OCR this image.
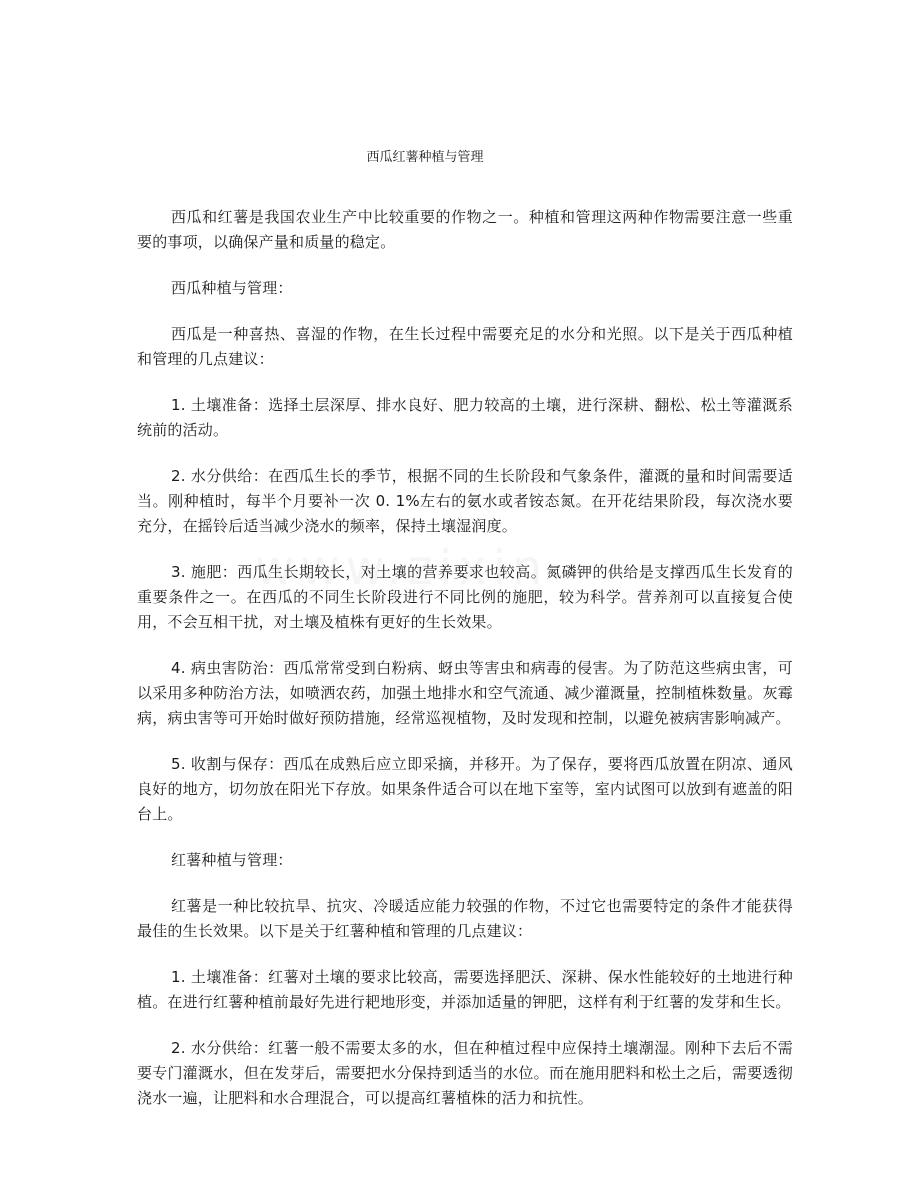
西瓜红薯种植与管理

西瓜和红薯是我国农业生产中比较重要的作物之一。种植和管理这两种作物需要注意一些重要的事项，以确保产量和质量的稳定。

西瓜种植与管理：

西瓜是一种喜热、喜湿的作物，在生长过程中需要充足的水分和光照。以下是关于西瓜种植和管理的几点建议：

1. 土壤准备：选择土层深厚、排水良好、肥力较高的土壤，进行深耕、翻松、松土等灌溉系统前的活动。

2. 水分供给：在西瓜生长的季节，根据不同的生长阶段和气象条件，灌溉的量和时间需要适当。刚种植时，每半个月要补一次 0. 1%左右的氨水或者铵态氮。在开花结果阶段，每次浇水要充分，在摇铃后适当减少浇水的频率，保持土壤湿润度。

3. 施肥：西瓜生长期较长，对土壤的营养要求也较高。氮磷钾的供给是支撑西瓜生长发育的重要条件之一。在西瓜的不同生长阶段进行不同比例的施肥，较为科学。营养剂可以直接复合使用，不会互相干扰，对土壤及植株有更好的生长效果。

4. 病虫害防治：西瓜常常受到白粉病、蚜虫等害虫和病毒的侵害。为了防范这些病虫害，可以采用多种防治方法，如喷洒农药，加强土地排水和空气流通、减少灌溉量，控制植株数量。灰霉病，病虫害等可开始时做好预防措施，经常巡视植物，及时发现和控制，以避免被病害影响减产。

5. 收割与保存：西瓜在成熟后应立即采摘，并移开。为了保存，要将西瓜放置在阴凉、通风良好的地方，切勿放在阳光下存放。如果条件适合可以在地下室等，室内试图可以放到有遮盖的阳台上。

红薯种植与管理：

红薯是一种比较抗旱、抗灾、冷暖适应能力较强的作物，不过它也需要特定的条件才能获得最佳的生长效果。以下是关于红薯种植和管理的几点建议：

1. 土壤准备：红薯对土壤的要求比较高，需要选择肥沃、深耕、保水性能较好的土地进行种植。在进行红薯种植前最好先进行耙地形变，并添加适量的钾肥，这样有利于红薯的发芽和生长。

2. 水分供给：红薯一般不需要太多的水，但在种植过程中应保持土壤潮湿。刚种下去后不需要专门灌溉水，但在发芽后，需要把水分保持到适当的水位。而在施用肥料和松土之后，需要透彻浇水一遍，让肥料和水合理混合，可以提高红薯植株的活力和抗性。
